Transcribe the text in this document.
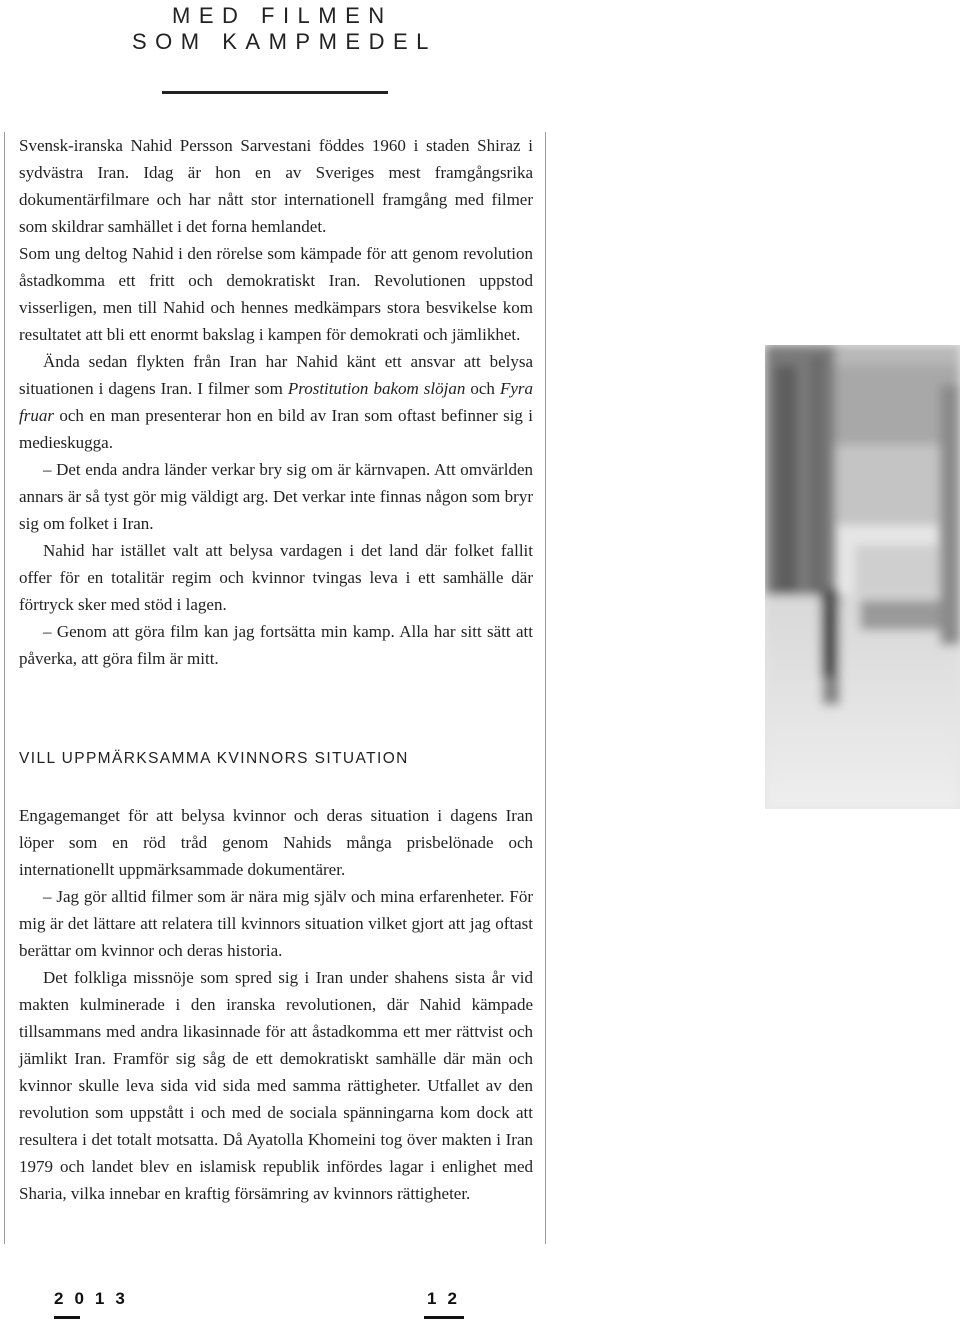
MED FILMEN
SOM KAMPMEDEL

Svensk-iranska Nahid Persson Sarvestani föddes 1960 i staden Shiraz i sydvästra Iran. Idag är hon en av Sveriges mest framgångsrika dokumentärfilmare och har nått stor internationell framgång med filmer som skildrar samhället i det forna hemlandet.

Som ung deltog Nahid i den rörelse som kämpade för att genom revolution åstadkomma ett fritt och demokratiskt Iran. Revolutionen uppstod visserligen, men till Nahid och hennes medkämpars stora besvikelse kom resultatet att bli ett enormt bakslag i kampen för demokrati och jämlikhet.

Ända sedan flykten från Iran har Nahid känt ett ansvar att belysa situationen i dagens Iran. I filmer som Prostitution bakom slöjan och Fyra fruar och en man presenterar hon en bild av Iran som oftast befinner sig i medieskugga.

– Det enda andra länder verkar bry sig om är kärnvapen. Att omvärlden annars är så tyst gör mig väldigt arg. Det verkar inte finnas någon som bryr sig om folket i Iran.

Nahid har istället valt att belysa vardagen i det land där folket fallit offer för en totalitär regim och kvinnor tvingas leva i ett samhälle där förtryck sker med stöd i lagen.

– Genom att göra film kan jag fortsätta min kamp. Alla har sitt sätt att påverka, att göra film är mitt.

VILL UPPMÄRKSAMMA KVINNORS SITUATION

Engagemanget för att belysa kvinnor och deras situation i dagens Iran löper som en röd tråd genom Nahids många prisbelönade och internationellt uppmärksammade dokumentärer.

– Jag gör alltid filmer som är nära mig själv och mina erfarenheter. För mig är det lättare att relatera till kvinnors situation vilket gjort att jag oftast berättar om kvinnor och deras historia.

Det folkliga missnöje som spred sig i Iran under shahens sista år vid makten kulminerade i den iranska revolutionen, där Nahid kämpade tillsammans med andra likasinnade för att åstadkomma ett mer rättvist och jämlikt Iran. Framför sig såg de ett demokratiskt samhälle där män och kvinnor skulle leva sida vid sida med samma rättigheter. Utfallet av den revolution som uppstått i och med de sociala spänningarna kom dock att resultera i det totalt motsatta. Då Ayatolla Khomeini tog över makten i Iran 1979 och landet blev en islamisk republik infördes lagar i enlighet med Sharia, vilka innebar en kraftig försämring av kvinnors rättigheter.

2013	12
